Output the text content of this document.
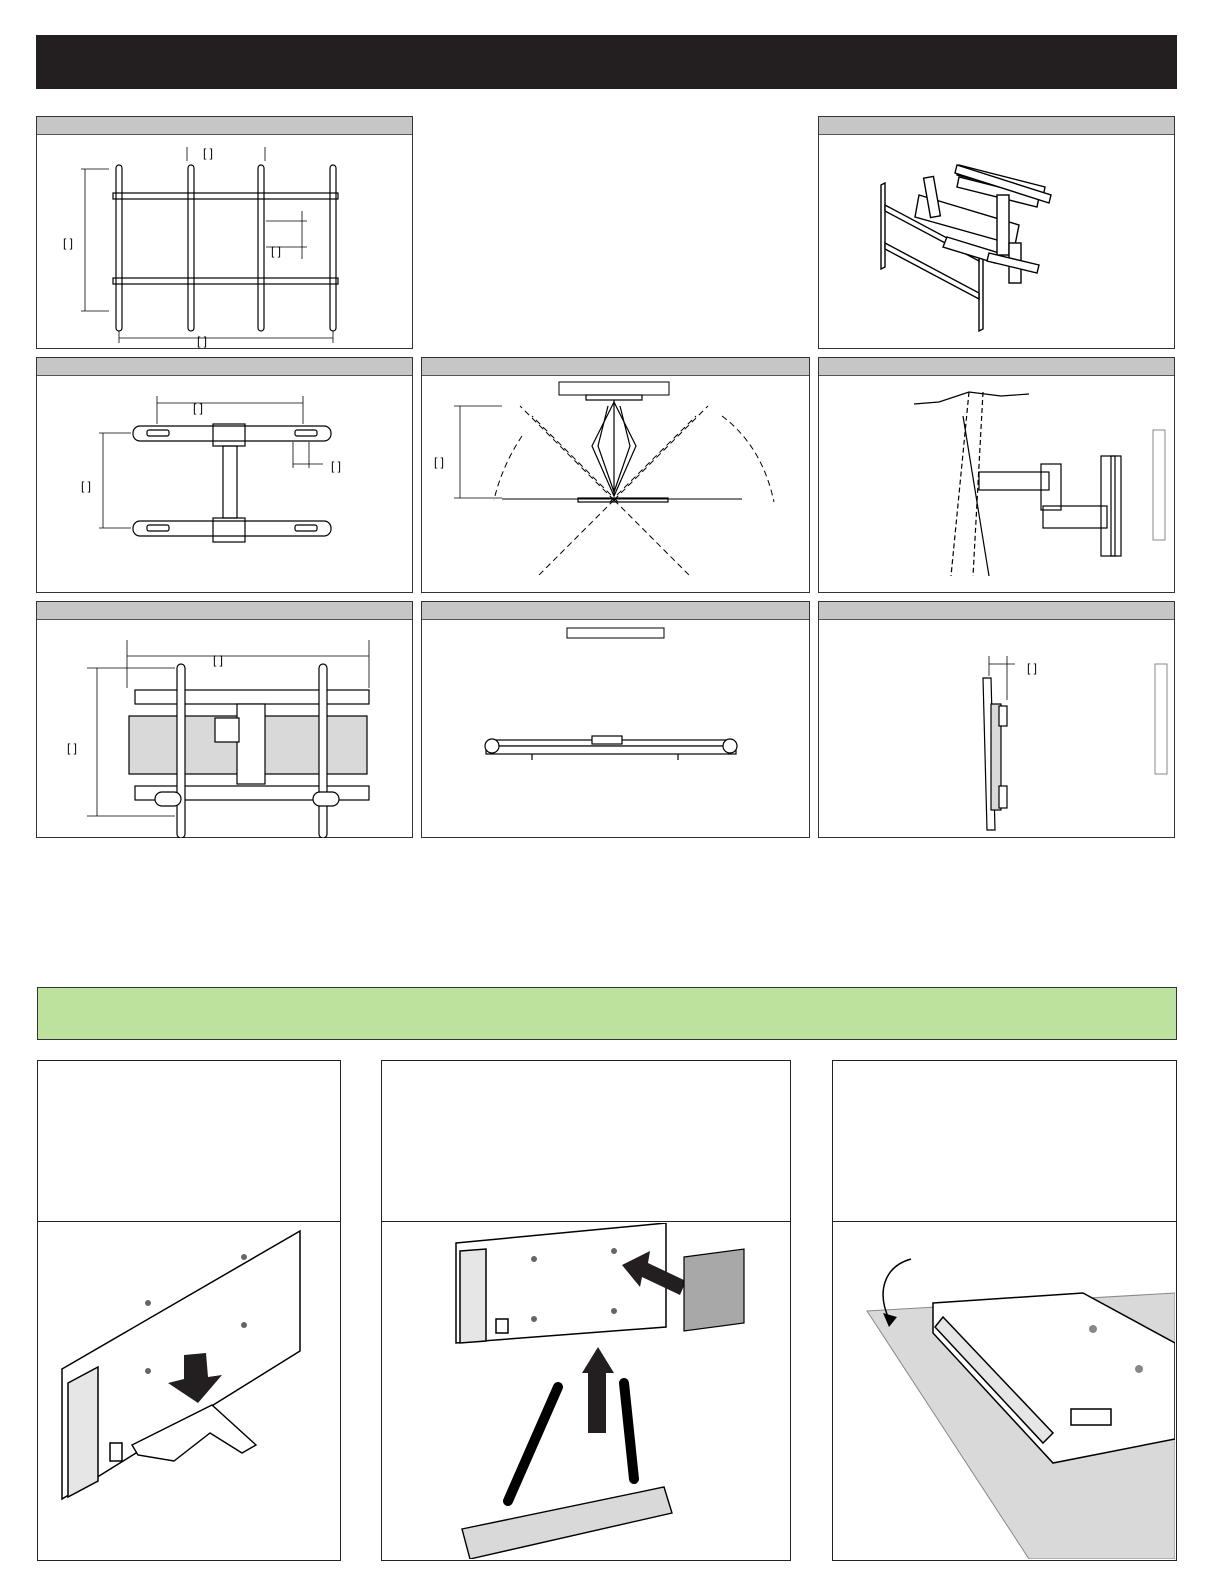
[ ]
[ ]
[ ]
[ ]
[ ]
[ ]
[ ]	[ ]
[ ]
[ ]
[ ]
